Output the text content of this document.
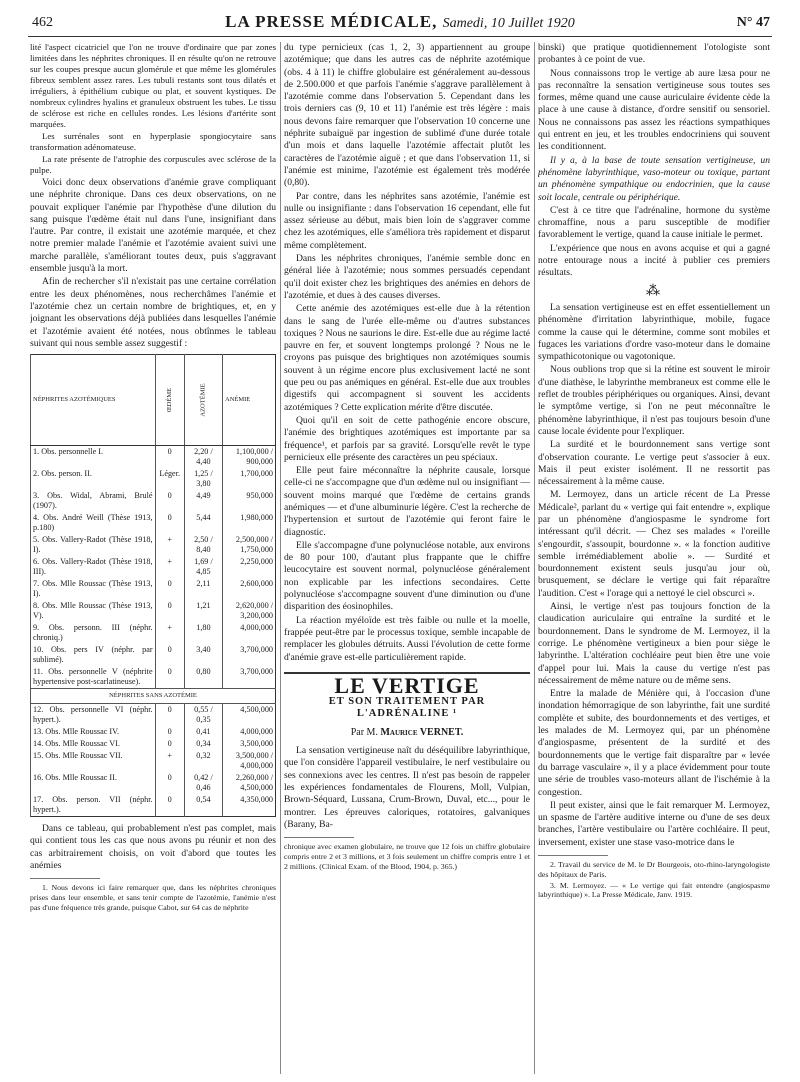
462	LA PRESSE MÉDICALE, Samedi, 10 Juillet 1920	N° 47

lité l'aspect cicatriciel que l'on ne trouve d'ordinaire que par zones limitées dans les néphrites chroniques. Il en résulte qu'on ne retrouve sur les coupes presque aucun glomérule et que même les glomérules fibreux semblent assez rares. Les tubuli restants sont tous dilatés et irréguliers, à épithélium cubique ou plat, et souvent kystiques. De nombreux cylindres hyalins et granuleux obstruent les tubes. Le tissu de sclérose est riche en cellules rondes. Les lésions d'artérite sont marquées.

Les surrénales sont en hyperplasie spongiocytaire sans transformation adénomateuse.

La rate présente de l'atrophie des corpuscules avec sclérose de la pulpe.

Voici donc deux observations d'anémie grave compliquant une néphrite chronique. Dans ces deux observations, on ne pouvait expliquer l'anémie par l'hypothèse d'une dilution du sang puisque l'œdème était nul dans l'une, insignifiant dans l'autre. Par contre, il existait une azotémie marquée, et chez notre premier malade l'anémie et l'azotémie avaient suivi une marche parallèle, s'améliorant toutes deux, puis s'aggravant ensemble jusqu'à la mort.

Afin de rechercher s'il n'existait pas une certaine corrélation entre les deux phénomènes, nous recherchâmes l'anémie et l'azotémie chez un certain nombre de brightiques, et, en y joignant les observations déjà publiées dans lesquelles l'anémie et l'azotémie avaient été notées, nous obtînmes le tableau suivant qui nous semble assez suggestif :

NÉPHRITES AZOTÉMIQUES	ŒDÈME	AZOTÉMIE	ANÉMIE
1. Obs. personnelle I.	0	2,20 / 4,40	1,100,000 / 900,000
2. Obs. person. II.	Léger.	1,25 / 3,80	1,700,000
3. Obs. Widal, Abrami, Brulé (1907).	0	4,49	950,000
4. Obs. André Weill (Thèse 1913, p.180)	0	5,44	1,980,000
5. Obs. Vallery-Radot (Thèse 1918, I).	+	2,50 / 8,40	2,500,000 / 1,750,000
6. Obs. Vallery-Radot (Thèse 1918, III).	+	1,69 / 4,85	2,250,000
7. Obs. Mlle Roussac (Thèse 1913, I).	0	2,11	2,600,000
8. Obs. Mlle Roussac (Thèse 1913, V).	0	1,21	2,620,000 / 3,200,000
9. Obs. personn. III (néphr. chroniq.)	+	1,80	4,000,000
10. Obs. pers IV (néphr. par sublimé).	0	3,40	3,700,000
11. Obs. personnelle V (néphrite hypertensive post-scarlatineuse).	0	0,80	3,700,000
NÉPHRITES SANS AZOTÉMIE			
12. Obs. personnelle VI (néphr. hypert.).	0	0,55 / 0,35	4,500,000
13. Obs. Mlle Roussac IV.	0	0,41	4,000,000
14. Obs. Mlle Roussac VI.	0	0,34	3,500,000
15. Obs. Mlle Roussac VII.	+	0,32	3,500,000 / 4,000,000
16. Obs. Mlle Roussac II.	0	0,42 / 0,46	2,260,000 / 4,500,000
17. Obs. person. VII (néphr. hypert.).	0	0,54	4,350,000

Dans ce tableau, qui probablement n'est pas complet, mais qui contient tous les cas que nous avons pu réunir et non des cas arbitrairement choisis, on voit d'abord que toutes les anémies

1. Nous devons ici faire remarquer que, dans les néphrites chroniques prises dans leur ensemble, et sans tenir compte de l'azotémie, l'anémie n'est pas d'une fréquence très grande, puisque Cabot, sur 64 cas de néphrite

du type pernicieux (cas 1, 2, 3) appartiennent au groupe azotémique; que dans les autres cas de néphrite azotémique (obs. 4 à 11) le chiffre globulaire est généralement au-dessous de 2.500.000 et que parfois l'anémie s'aggrave parallèlement à l'azotémie comme dans l'observation 5. Cependant dans les trois derniers cas (9, 10 et 11) l'anémie est très légère : mais nous devons faire remarquer que l'observation 10 concerne une néphrite subaiguë par ingestion de sublimé d'une durée totale d'un mois et dans laquelle l'azotémie affectait plutôt les caractères de l'azotémie aiguë ; et que dans l'observation 11, si l'anémie est minime, l'azotémie est également très modérée (0,80).

Par contre, dans les néphrites sans azotémie, l'anémie est nulle ou insignifiante : dans l'observation 16 cependant, elle fut assez sérieuse au début, mais bien loin de s'aggraver comme chez les azotémiques, elle s'améliora très rapidement et disparut même complètement.

Dans les néphrites chroniques, l'anémie semble donc en général liée à l'azotémie; nous sommes persuadés cependant qu'il doit exister chez les brightiques des anémies en dehors de l'azotémie, et dues à des causes diverses.

Cette anémie des azotémiques est-elle due à la rétention dans le sang de l'urée elle-même ou d'autres substances toxiques ? Nous ne saurions le dire. Est-elle due au régime lacté pauvre en fer, et souvent longtemps prolongé ? Nous ne le croyons pas puisque des brightiques non azotémiques soumis souvent à un régime encore plus exclusivement lacté ne sont que peu ou pas anémiques en général. Est-elle due aux troubles digestifs qui accompagnent si souvent les accidents azotémiques ? Cette explication mérite d'être discutée.

Quoi qu'il en soit de cette pathogénie encore obscure, l'anémie des brightiques azotémiques est importante par sa fréquence¹, et parfois par sa gravité. Lorsqu'elle revêt le type pernicieux elle présente des caractères un peu spéciaux.

Elle peut faire méconnaître la néphrite causale, lorsque celle-ci ne s'accompagne que d'un œdème nul ou insignifiant — souvent moins marqué que l'œdème de certains grands anémiques — et d'une albuminurie légère. C'est la recherche de l'hypertension et surtout de l'azotémie qui feront faire le diagnostic.

Elle s'accompagne d'une polynucléose notable, aux environs de 80 pour 100, d'autant plus frappante que le chiffre leucocytaire est souvent normal, polynucléose généralement non explicable par les infections secondaires. Cette polynucléose s'accompagne souvent d'une diminution ou d'une disparition des éosinophiles.

La réaction myéloïde est très faible ou nulle et la moelle, frappée peut-être par le processus toxique, semble incapable de remplacer les globules détruits. Aussi l'évolution de cette forme d'anémie grave est-elle particulièrement rapide.

LE VERTIGE
ET SON TRAITEMENT PAR L'ADRÉNALINE ¹
Par M. Maurice VERNET.

La sensation vertigineuse naît du déséquilibre labyrinthique, que l'on considère l'appareil vestibulaire, le nerf vestibulaire ou ses connexions avec les centres. Il n'est pas besoin de rappeler les expériences fondamentales de Flourens, Moll, Vulpian, Brown-Séquard, Lussana, Crum-Brown, Duval, etc..., pour le montrer. Les épreuves caloriques, rotatoires, galvaniques (Barany, Ba-

chronique avec examen globulaire, ne trouve que 12 fois un chiffre globulaire compris entre 2 et 3 millions, et 3 fois seulement un chiffre compris entre 1 et 2 millions. (Clinical Exam. of the Blood, 1904, p. 365.)

binski) que pratique quotidiennement l'otologiste sont probantes à ce point de vue.

Nous connaissons trop le vertige ab aure læsa pour ne pas reconnaître la sensation vertigineuse sous toutes ses formes, même quand une cause auriculaire évidente cède la place à une cause à distance, d'ordre sensitif ou sensoriel. Nous ne connaissons pas assez les réactions sympathiques qui entrent en jeu, et les troubles endocriniens qui souvent les conditionnent.

Il y a, à la base de toute sensation vertigineuse, un phénomène labyrinthique, vaso-moteur ou toxique, partant un phénomène sympathique ou endocrinien, que la cause soit locale, centrale ou périphérique.

C'est à ce titre que l'adrénaline, hormone du système chromaffine, nous a paru susceptible de modifier favorablement le vertige, quand la cause initiale le permet.

L'expérience que nous en avons acquise et qui a gagné notre entourage nous a incité à publier ces premiers résultats.

⁂

La sensation vertigineuse est en effet essentiellement un phénomène d'irritation labyrinthique, mobile, fugace comme la cause qui le détermine, comme sont mobiles et fugaces les variations d'ordre vaso-moteur dans le domaine sympathicotonique ou vagotonique.

Nous oublions trop que si la rétine est souvent le miroir d'une diathèse, le labyrinthe membraneux est comme elle le reflet de troubles périphériques ou organiques. Ainsi, devant le symptôme vertige, si l'on ne peut méconnaître le phénomène labyrinthique, il n'est pas toujours besoin d'une cause locale évidente pour l'expliquer.

La surdité et le bourdonnement sans vertige sont d'observation courante. Le vertige peut s'associer à eux. Mais il peut exister isolément. Il ne ressortit pas nécessairement à la même cause.

M. Lermoyez, dans un article récent de La Presse Médicale², parlant du « vertige qui fait entendre », explique par un phénomène d'angiospasme le syndrome fort intéressant qu'il décrit. — Chez ses malades « l'oreille s'engourdit, s'assoupit, bourdonne ». « la fonction auditive semble irrémédiablement abolie ». — Surdité et bourdonnement existent seuls jusqu'au jour où, brusquement, se déclare le vertige qui fait réparaître l'audition. C'est « l'orage qui a nettoyé le ciel obscurci ».

Ainsi, le vertige n'est pas toujours fonction de la claudication auriculaire qui entraîne la surdité et le bourdonnement. Dans le syndrome de M. Lermoyez, il la corrige. Le phénomène vertigineux a bien pour siège le labyrinthe. L'altération cochléaire peut bien être une voie d'appel pour lui. Mais la cause du vertige n'est pas nécessairement de même nature ou de même sens.

Entre la malade de Ménière qui, à l'occasion d'une inondation hémorragique de son labyrinthe, fait une surdité complète et subite, des bourdonnements et des vertiges, et les malades de M. Lermoyez qui, par un phénomène d'angiospasme, présentent de la surdité et des bourdonnements que le vertige fait disparaître par « levée du barrage vasculaire », il y a place évidemment pour toute une série de troubles vaso-moteurs allant de l'ischémie à la congestion.

Il peut exister, ainsi que le fait remarquer M. Lermoyez, un spasme de l'artère auditive interne ou d'une de ses deux branches, l'artère vestibulaire ou l'artère cochléaire. Il peut, inversement, exister une stase vaso-motrice dans le

2. Travail du service de M. le Dr Bourgeois, oto-rhino-laryngologiste des hôpitaux de Paris.

3. M. Lermoyez. — « Le vertige qui fait entendre (angiospasme labyrinthique) ». La Presse Médicale, Janv. 1919.
